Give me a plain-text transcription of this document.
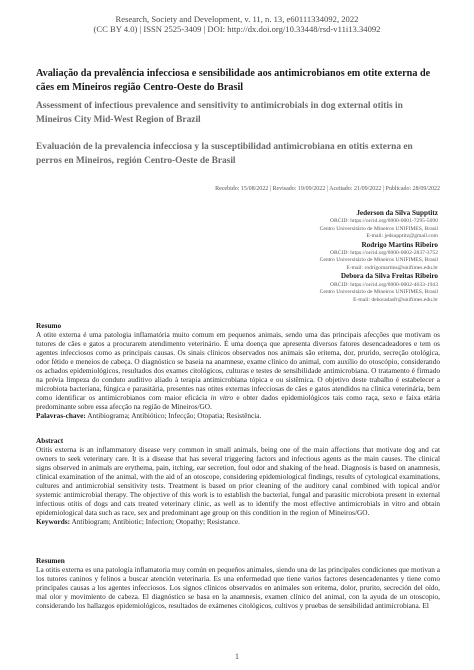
Research, Society and Development, v. 11, n. 13, e60111334092, 2022
(CC BY 4.0) | ISSN 2525-3409 | DOI: http://dx.doi.org/10.33448/rsd-v11i13.34092
Avaliação da prevalência infecciosa e sensibilidade aos antimicrobianos em otite externa de cães em Mineiros região Centro-Oeste do Brasil
Assessment of infectious prevalence and sensitivity to antimicrobials in dog external otitis in Mineiros City Mid-West Region of Brazil
Evaluación de la prevalencia infecciosa y la susceptibilidad antimicrobiana en otitis externa en perros en Mineiros, región Centro-Oeste de Brasil
Recebido: 15/08/2022 | Revisado: 19/09/2022 | Aceitado: 21/09/2022 | Publicado: 28/09/2022
Jederson da Silva Supptitz
ORCID: https://orcid.org/0000-0001-7295-5090
Centro Universitário de Mineiros UNIFIMES, Brasil
E-mail: jedsupptitz@gmail.com
Rodrigo Martins Ribeiro
ORCID: https://orcid.org/0000-0002-2837-3752
Centro Universitário de Mineiros UNIFIMES, Brasil
E-mail: rodrigomartins@unifimes.edu.br
Debora da Silva Freitas Ribeiro
ORCID: https://orcid.org/0000-0002-4633-1943
Centro Universitário de Mineiros UNIFIMES, Brasil
E-mail: deboradasfr@unifimes.edu.br
Resumo
A otite externa é uma patologia inflamatória muito comum em pequenos animais, sendo uma das principais afecções que motivam os tutores de cães e gatos a procurarem atendimento veterinário. É uma doença que apresenta diversos fatores desencadeadores e tem os agentes infecciosos como as principais causas. Os sinais clínicos observados nos animais são eritema, dor, prurido, secreção otológica, odor fétido e meneios de cabeça. O diagnóstico se baseia na anamnese, exame clínico do animal, com auxílio do otoscópio, considerando os achados epidemiológicos, resultados dos exames citológicos, culturas e testes de sensibilidade antimicrobiana. O tratamento é firmado na prévia limpeza do conduto auditivo aliado à terapia antimicrobiana tópica e ou sistêmica. O objetivo deste trabalho é estabelecer a microbiota bacteriana, fúngica e parasitária, presentes nas otites externas infecciosas de cães e gatos atendidos na clínica veterinária, bem como identificar os antimicrobianos com maior eficácia in vitro e obter dados epidemiológicos tais como raça, sexo e faixa etária predominante sobre essa afecção na região de Mineiros/GO.
Palavras-chave: Antibiograma; Antibiótico; Infecção; Otopatia; Resistência.
Abstract
Otitis externa is an inflammatory disease very common in small animals, being one of the main affections that motivate dog and cat owners to seek veterinary care. It is a disease that has several triggering factors and infectious agents as the main causes. The clinical signs observed in animals are erythema, pain, itching, ear secretion, foul odor and shaking of the head. Diagnosis is based on anamnesis, clinical examination of the animal, with the aid of an otoscope, considering epidemiological findings, results of cytological examinations, cultures and antimicrobial sensitivity tests. Treatment is based on prior cleaning of the auditory canal combined with topical and/or systemic antimicrobial therapy. The objective of this work is to establish the bacterial, fungal and parasitic microbiota present in external infectious otitis of dogs and cats treated veterinary clinic, as well as to identify the most effective antimicrobials in vitro and obtain epidemiological data such as race, sex and predominant age group on this condition in the region of Mineiros/GO.
Keywords: Antibiogram; Antibiotic; Infection; Otopathy; Resistance.
Resumen
La otitis externa es una patología inflamatoria muy común en pequeños animales, siendo una de las principales condiciones que motivan a los tutores caninos y felinos a buscar atención veterinaria. Es una enfermedad que tiene varios factores desencadenantes y tiene como principales causas a los agentes infecciosos. Los signos clínicos observados en animales son eritema, dolor, prurito, secreción del oído, mal olor y movimiento de cabeza. El diagnóstico se basa en la anamnesis, examen clínico del animal, con la ayuda de un otoscopio, considerando los hallazgos epidemiológicos, resultados de exámenes citológicos, cultivos y pruebas de sensibilidad antimicrobiana. El
1
